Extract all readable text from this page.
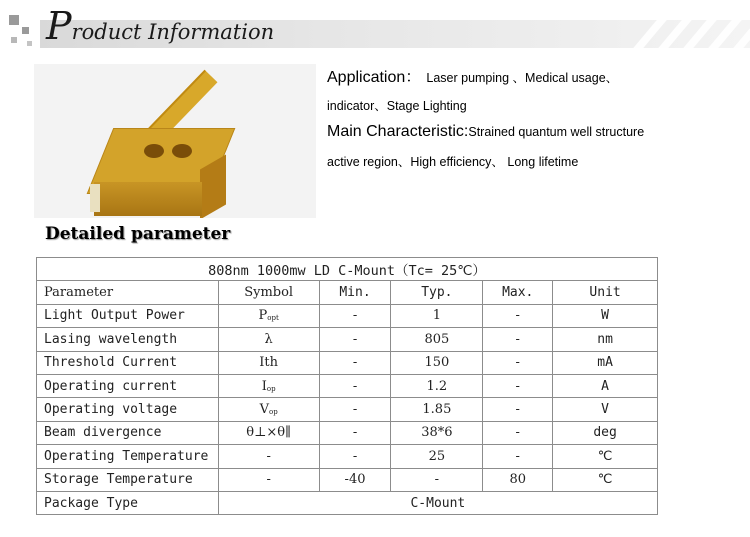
Product Information
Application： Laser pumping 、Medical usage、
indicator、Stage Lighting
Main Characteristic:Strained quantum well structure
active region、High efficiency、 Long lifetime
Detailed parameter
808nm 1000mw LD C-Mount（Tc= 25℃）					
Parameter	Symbol	Min.	Typ.	Max.	Unit
Light Output Power	$P_{opt}$	-	1	-	W
Lasing wavelength	λ	-	805	-	nm
Threshold Current	Ith	-	150	-	mA
Operating current	$I_{op}$	-	1.2	-	A
Operating voltage	$V_{op}$	-	1.85	-	V
Beam divergence	θ⊥×θ∥	-	38*6	-	deg
Operating Temperature	-	-	25	-	℃
Storage Temperature	-	-40	-	80	℃
Package Type	C-Mount				
